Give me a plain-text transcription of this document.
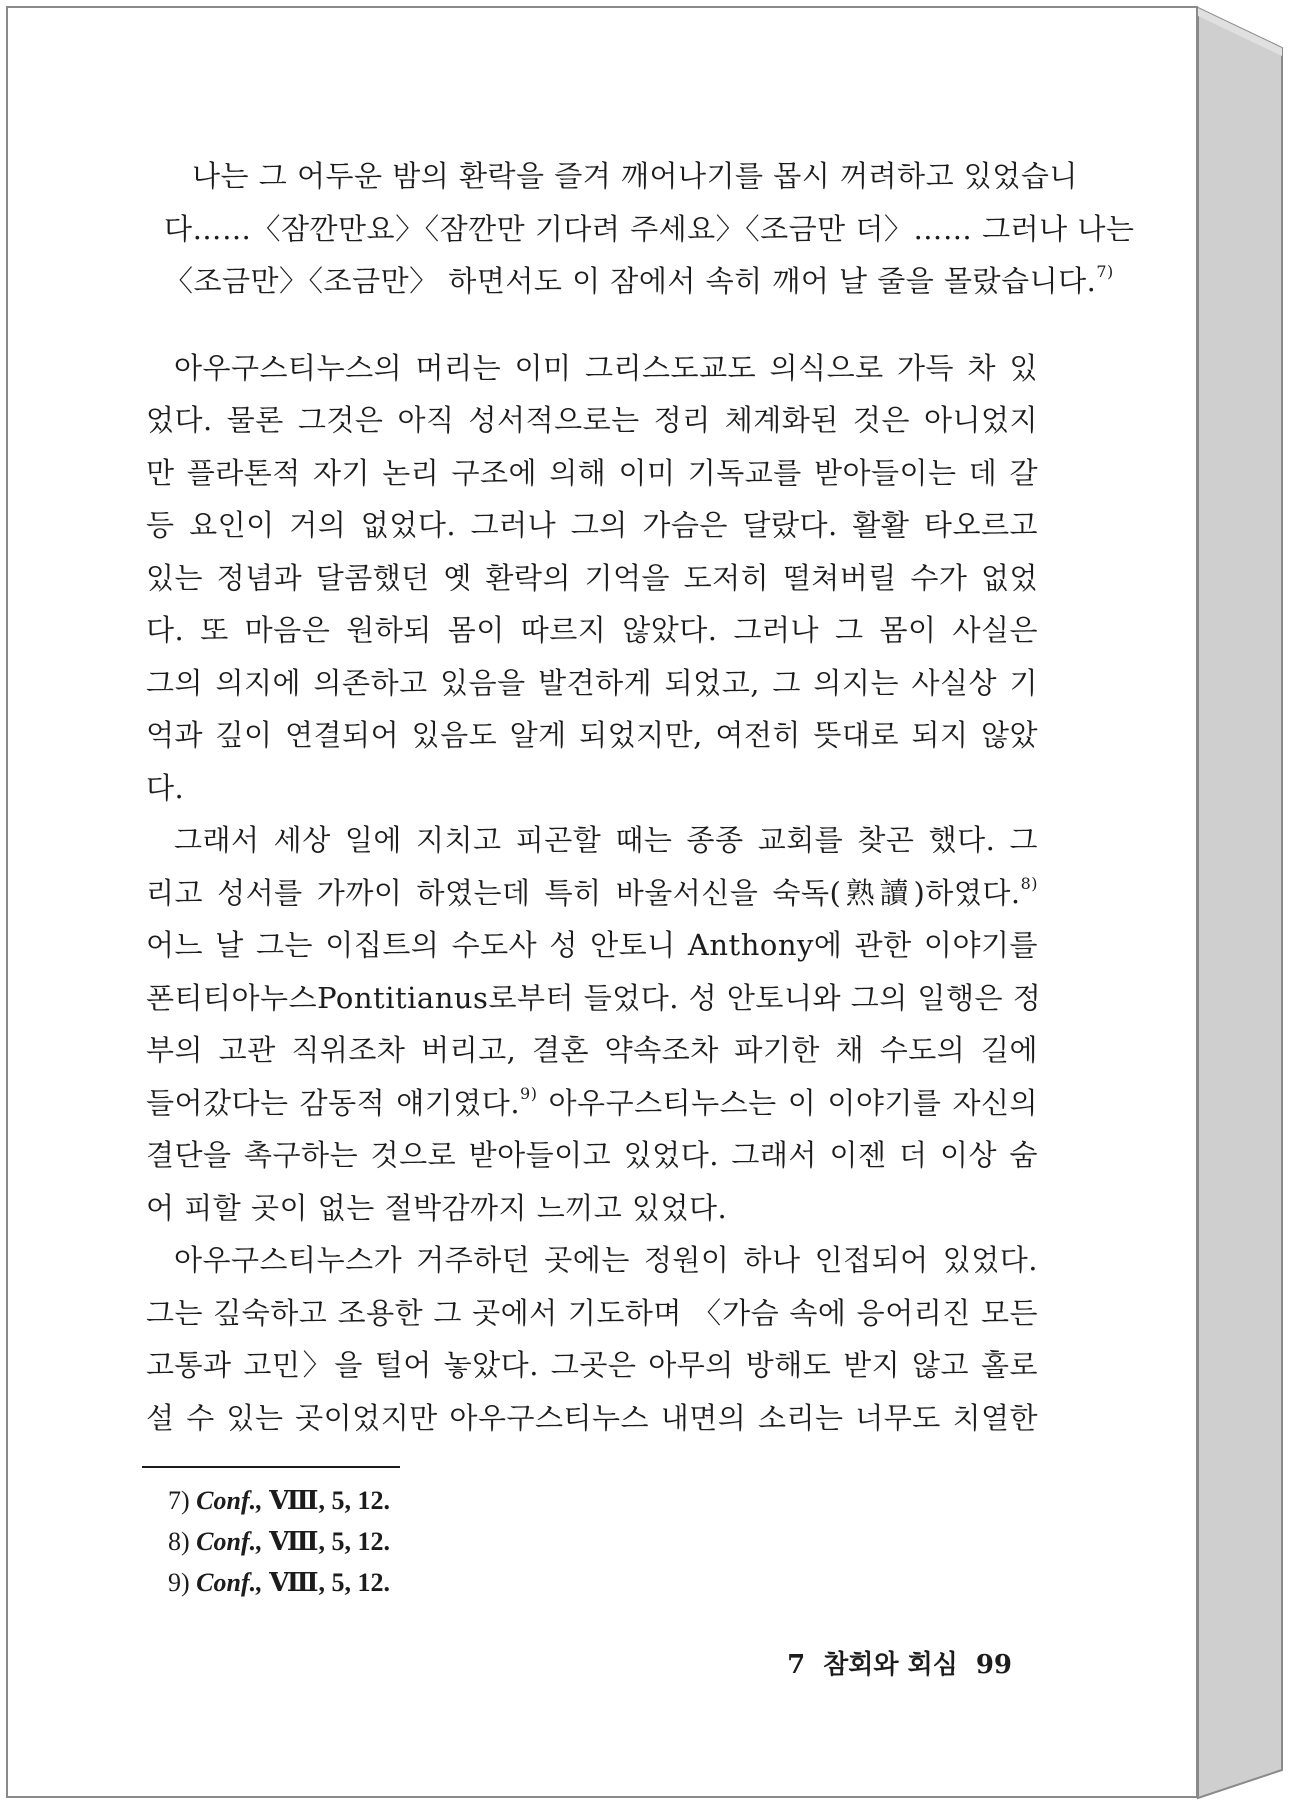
나는 그 어두운 밤의 환락을 즐겨 깨어나기를 몹시 꺼려하고 있었습니
다……〈잠깐만요〉〈잠깐만 기다려 주세요〉〈조금만 더〉…… 그러나 나는
〈조금만〉〈조금만〉 하면서도 이 잠에서 속히 깨어 날 줄을 몰랐습니다.$^{7)}$
아우구스티누스의 머리는 이미 그리스도교도 의식으로 가득 차 있
었다. 물론 그것은 아직 성서적으로는 정리 체계화된 것은 아니었지
만 플라톤적 자기 논리 구조에 의해 이미 기독교를 받아들이는 데 갈
등 요인이 거의 없었다. 그러나 그의 가슴은 달랐다. 활활 타오르고
있는 정념과 달콤했던 옛 환락의 기억을 도저히 떨쳐버릴 수가 없었
다. 또 마음은 원하되 몸이 따르지 않았다. 그러나 그 몸이 사실은
그의 의지에 의존하고 있음을 발견하게 되었고, 그 의지는 사실상 기
억과 깊이 연결되어 있음도 알게 되었지만, 여전히 뜻대로 되지 않았
다.
그래서 세상 일에 지치고 피곤할 때는 종종 교회를 찾곤 했다. 그
리고 성서를 가까이 하였는데 특히 바울서신을 숙독(熟讀)하였다.$^{8)}$
어느 날 그는 이집트의 수도사 성 안토니 Anthony에 관한 이야기를
폰티티아누스Pontitianus로부터 들었다. 성 안토니와 그의 일행은 정
부의 고관 직위조차 버리고, 결혼 약속조차 파기한 채 수도의 길에
들어갔다는 감동적 얘기였다.$^{9)}$ 아우구스티누스는 이 이야기를 자신의
결단을 촉구하는 것으로 받아들이고 있었다. 그래서 이젠 더 이상 숨
어 피할 곳이 없는 절박감까지 느끼고 있었다.
아우구스티누스가 거주하던 곳에는 정원이 하나 인접되어 있었다.
그는 깊숙하고 조용한 그 곳에서 기도하며 〈가슴 속에 응어리진 모든
고통과 고민〉을 털어 놓았다. 그곳은 아무의 방해도 받지 않고 홀로
설 수 있는 곳이었지만 아우구스티누스 내면의 소리는 너무도 치열한
7) Conf., Ⅷ, 5, 12.
8) Conf., Ⅷ, 5, 12.
9) Conf., Ⅷ, 5, 12.
7 참회와 회심 99
